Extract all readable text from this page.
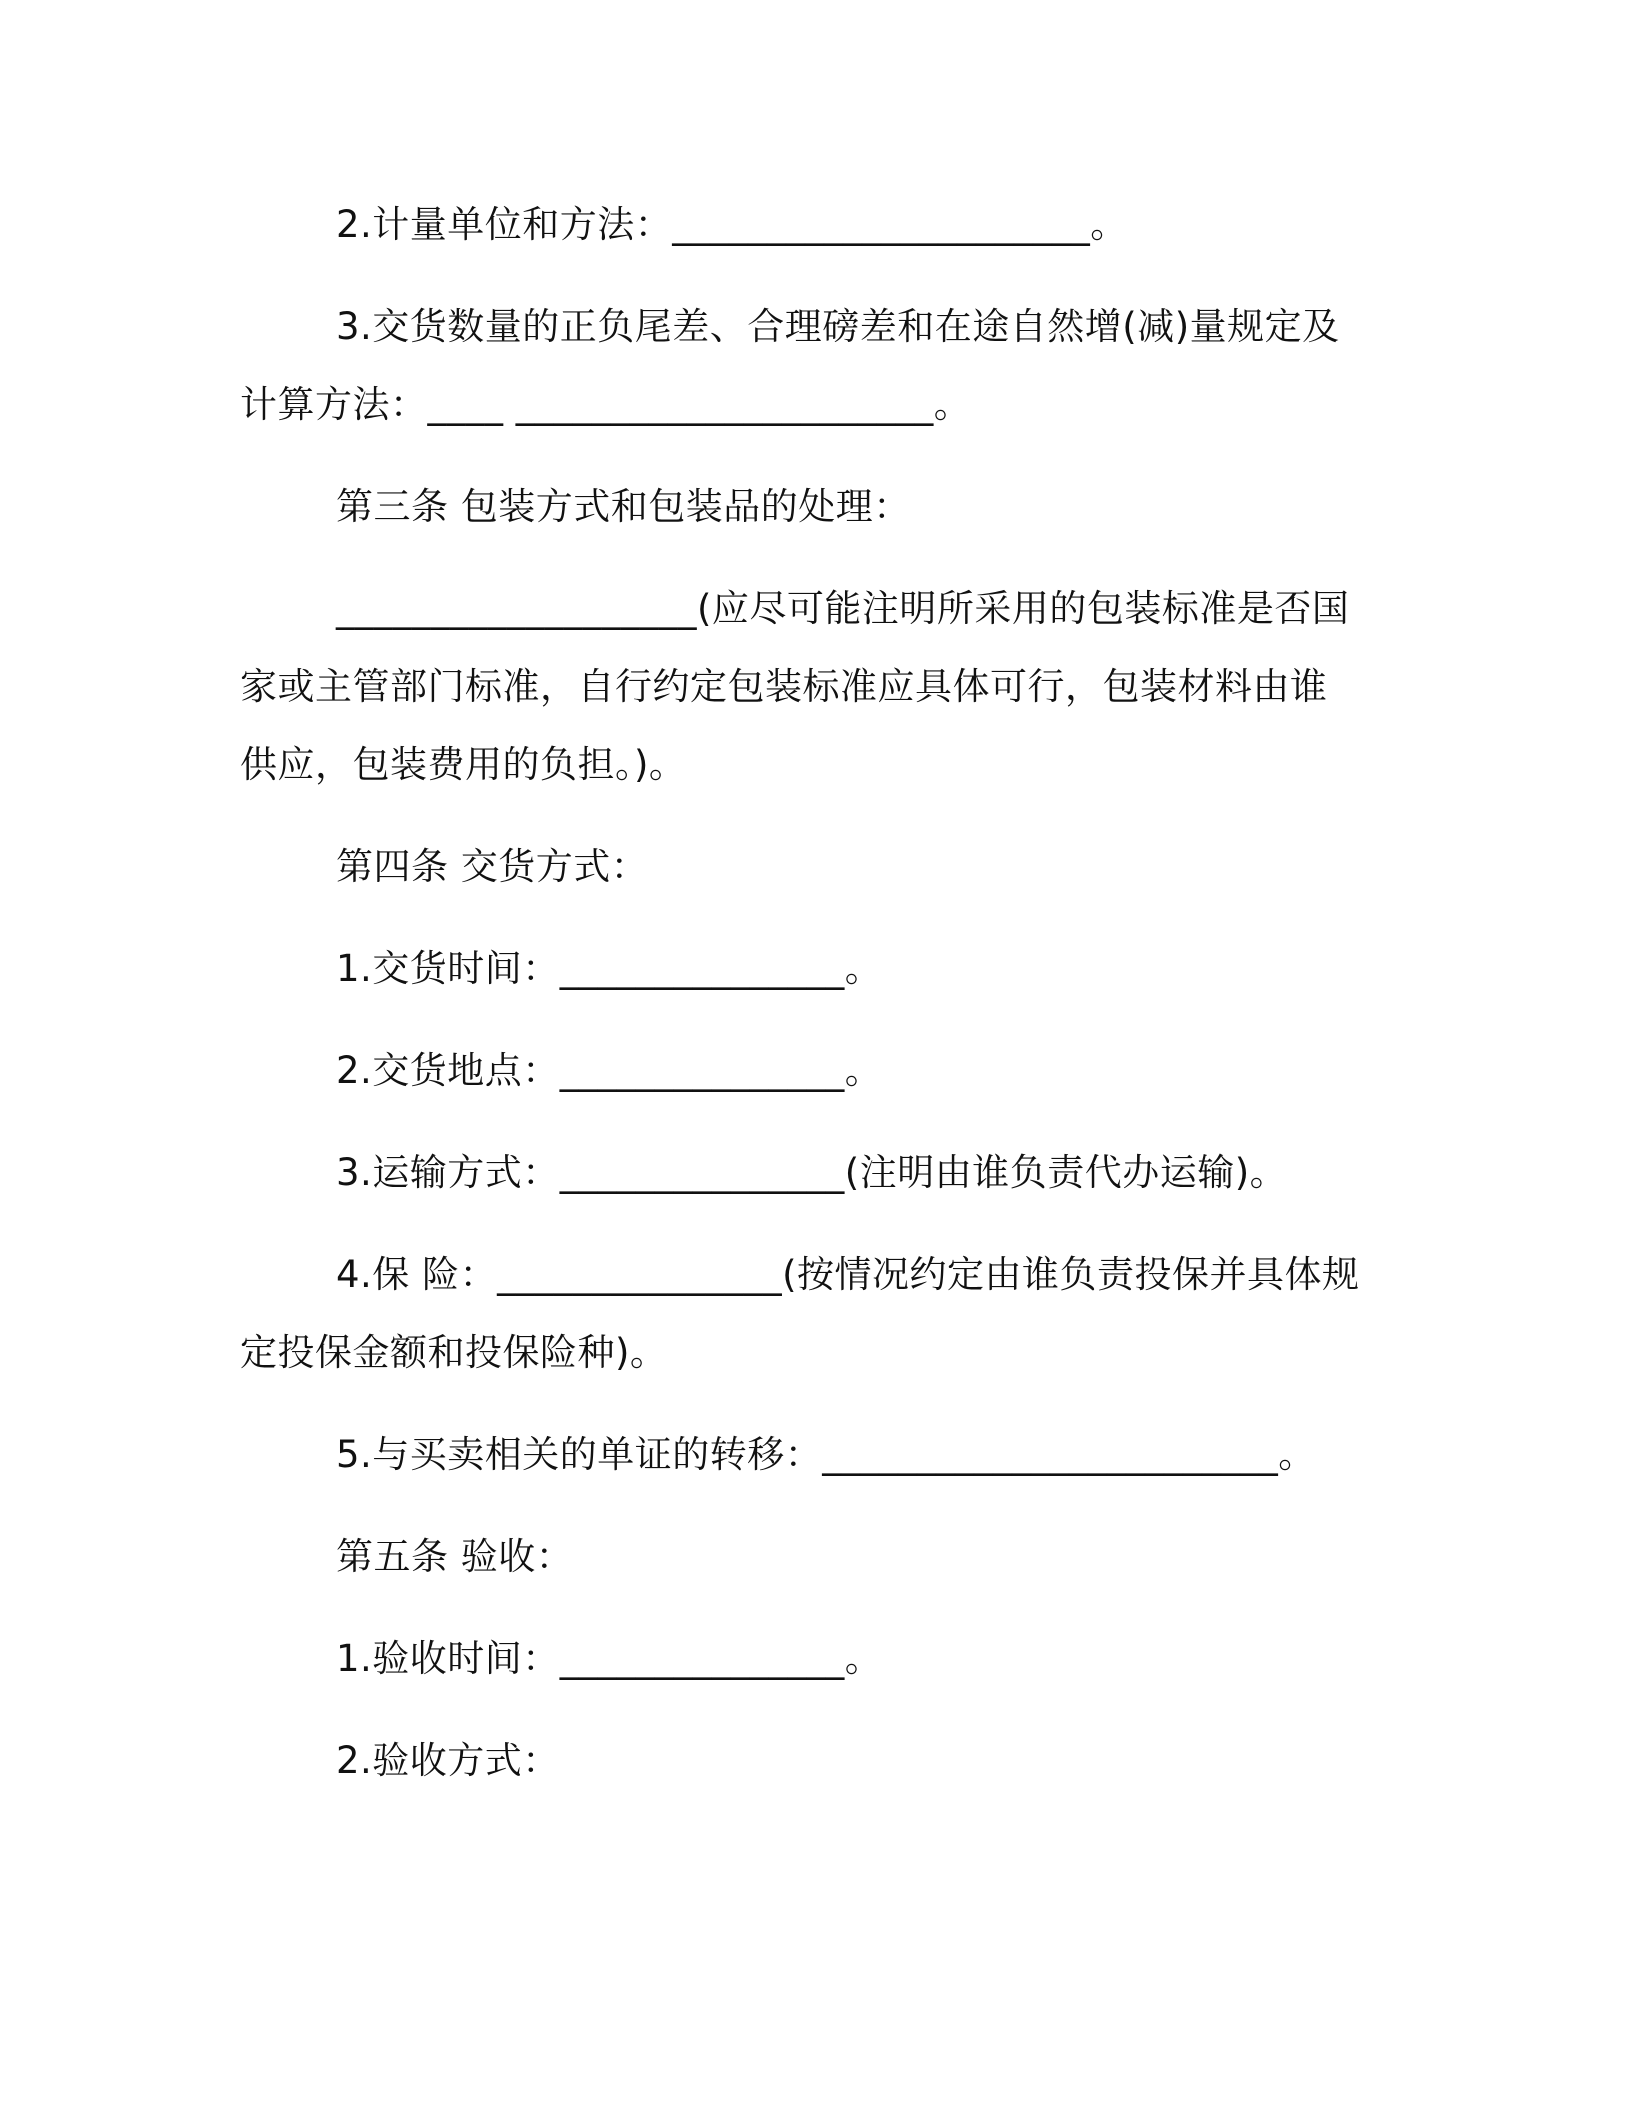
2.计量单位和方法：______________________。

3.交货数量的正负尾差、合理磅差和在途自然增(减)量规定及计算方法：____ ______________________。

第三条 包装方式和包装品的处理：

___________________(应尽可能注明所采用的包装标准是否国家或主管部门标准，自行约定包装标准应具体可行，包装材料由谁供应，包装费用的负担。)。

第四条 交货方式：

1.交货时间：_______________。

2.交货地点：_______________。

3.运输方式：_______________(注明由谁负责代办运输)。

4.保 险：_______________(按情况约定由谁负责投保并具体规定投保金额和投保险种)。

5.与买卖相关的单证的转移：________________________。

第五条 验收：

1.验收时间：_______________。

2.验收方式：
